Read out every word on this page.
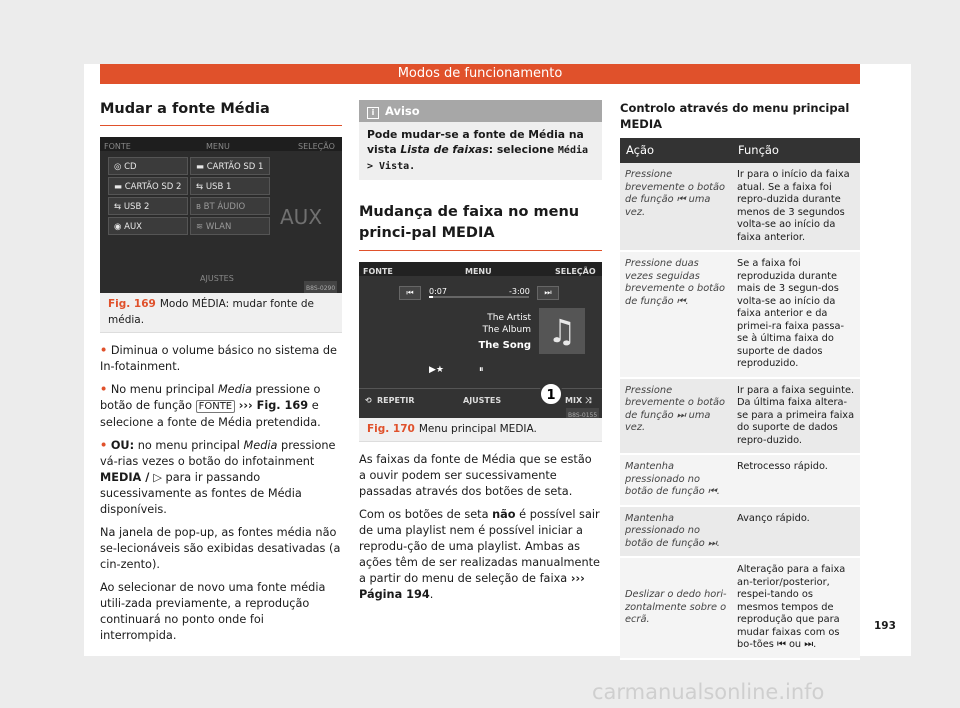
Modos de funcionamento
Mudar a fonte Média
FONTE	MENU	SELEÇÃO
◎ CD	▬ CARTÃO SD 1
▬ CARTÃO SD 2	⇆ USB 1
⇆ USB 2	ʙ BT ÁUDIO
◉ AUX	≋ WLAN	AUX
AJUSTES
B8S-0290
Fig. 169 Modo MÉDIA: mudar fonte de média.

• Diminua o volume básico no sistema de In-fotainment.

• No menu principal Media pressione o botão de função FONTE ››› Fig. 169 e selecione a fonte de Média pretendida.

• OU: no menu principal Media pressione vá-rias vezes o botão do infotainment MEDIA / ▷ para ir passando sucessivamente as fontes de Média disponíveis.

Na janela de pop-up, as fontes média não se-lecionáveis são exibidas desativadas (a cin-zento).

Ao selecionar de novo uma fonte média utili-zada previamente, a reprodução continuará no ponto onde foi interrompida.

i Aviso
Pode mudar-se a fonte de Média na vista Lista de faixas: selecione Média > Vista.
Mudança de faixa no menu princi-pal MEDIA
FONTE	MENU	SELEÇÃO
⏮	⏭
0:07	-3:00
The Artist
The Album
The Song ♫
▶★	⏸
⟲ REPETIR	AJUSTES	MIX ⤨
1
B8S-0155
Fig. 170 Menu principal MEDIA.

As faixas da fonte de Média que se estão a ouvir podem ser sucessivamente passadas através dos botões de seta.

Com os botões de seta não é possível sair de uma playlist nem é possível iniciar a reprodu-ção de uma playlist. Ambas as ações têm de ser realizadas manualmente a partir do menu de seleção de faixa ››› Página 194.

Controlo através do menu principal MEDIA
Ação	Função
Pressione brevemente o botão de função ⏮ uma vez.	Ir para o início da faixa atual. Se a faixa foi repro-duzida durante menos de 3 segundos volta-se ao início da faixa anterior.
Pressione duas vezes seguidas brevemente o botão de função ⏮.	Se a faixa foi reproduzida durante mais de 3 segun-dos volta-se ao início da faixa anterior e da primei-ra faixa passa-se à última faixa do suporte de dados reproduzido.
Pressione brevemente o botão de função ⏭ uma vez.	Ir para a faixa seguinte. Da última faixa altera-se para a primeira faixa do suporte de dados repro-duzido.
Mantenha pressionado no botão de função ⏮.	Retrocesso rápido.
Mantenha pressionado no botão de função ⏭.	Avanço rápido.
Deslizar o dedo hori-zontalmente sobre o ecrã.	Alteração para a faixa an-terior/posterior, respei-tando os mesmos tempos de reprodução que para mudar faixas com os bo-tões ⏮ ou ⏭.
193
carmanualsonline.info
